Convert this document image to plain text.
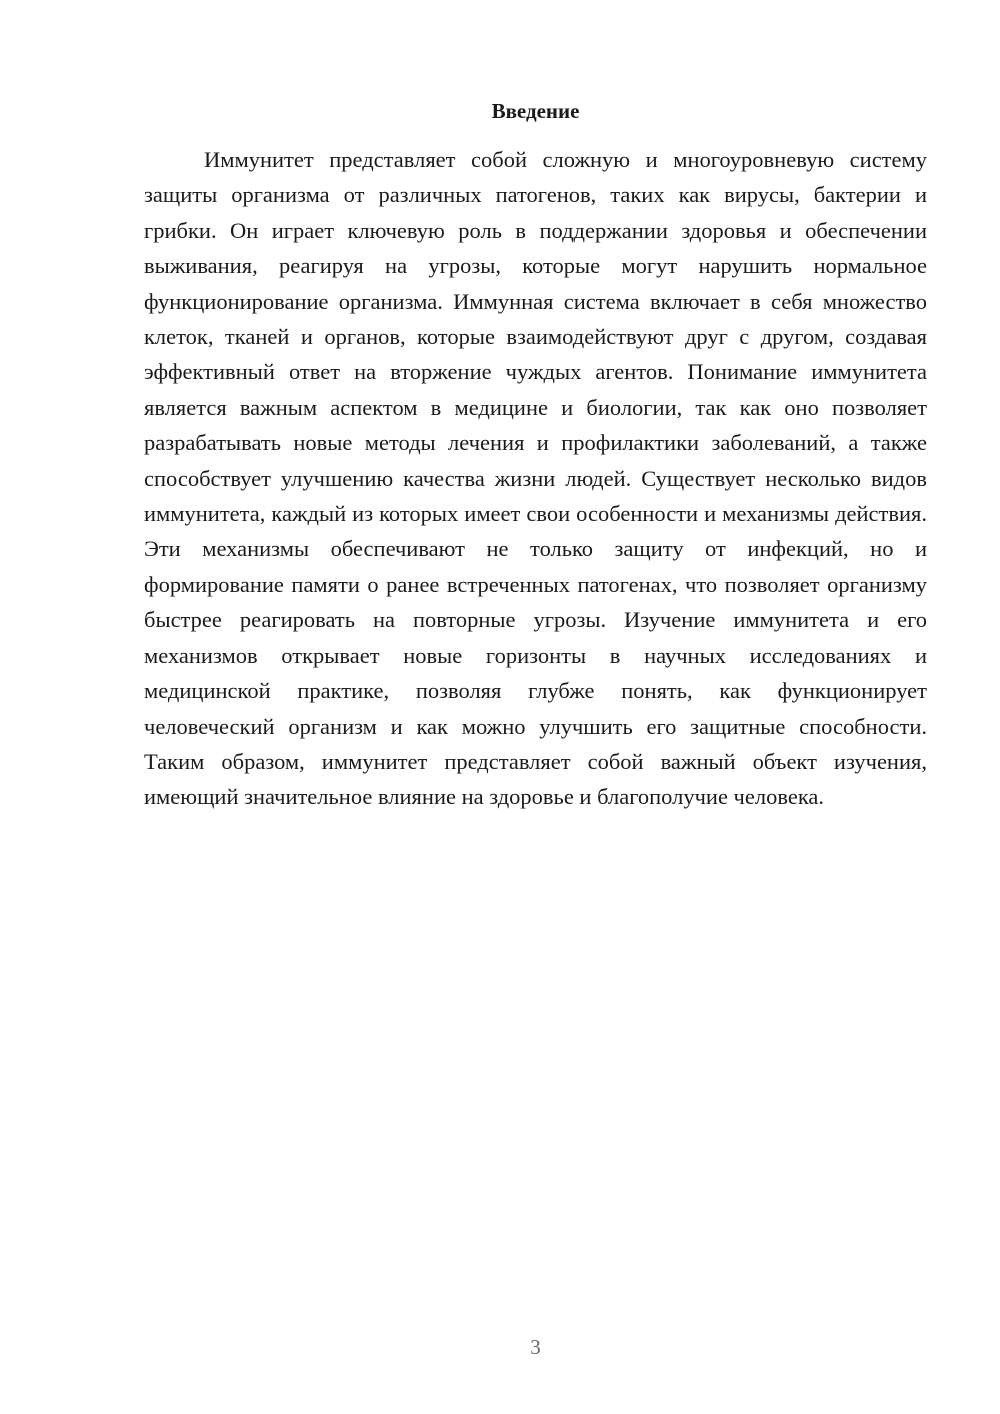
Введение

Иммунитет представляет собой сложную и многоуровневую систему защиты организма от различных патогенов, таких как вирусы, бактерии и грибки. Он играет ключевую роль в поддержании здоровья и обеспечении выживания, реагируя на угрозы, которые могут нарушить нормальное функционирование организма. Иммунная система включает в себя множество клеток, тканей и органов, которые взаимодействуют друг с другом, создавая эффективный ответ на вторжение чуждых агентов. Понимание иммунитета является важным аспектом в медицине и биологии, так как оно позволяет разрабатывать новые методы лечения и профилактики заболеваний, а также способствует улучшению качества жизни людей. Существует несколько видов иммунитета, каждый из которых имеет свои особенности и механизмы действия. Эти механизмы обеспечивают не только защиту от инфекций, но и формирование памяти о ранее встреченных патогенах, что позволяет организму быстрее реагировать на повторные угрозы. Изучение иммунитета и его механизмов открывает новые горизонты в научных исследованиях и медицинской практике, позволяя глубже понять, как функционирует человеческий организм и как можно улучшить его защитные способности. Таким образом, иммунитет представляет собой важный объект изучения, имеющий значительное влияние на здоровье и благополучие человека.

3
